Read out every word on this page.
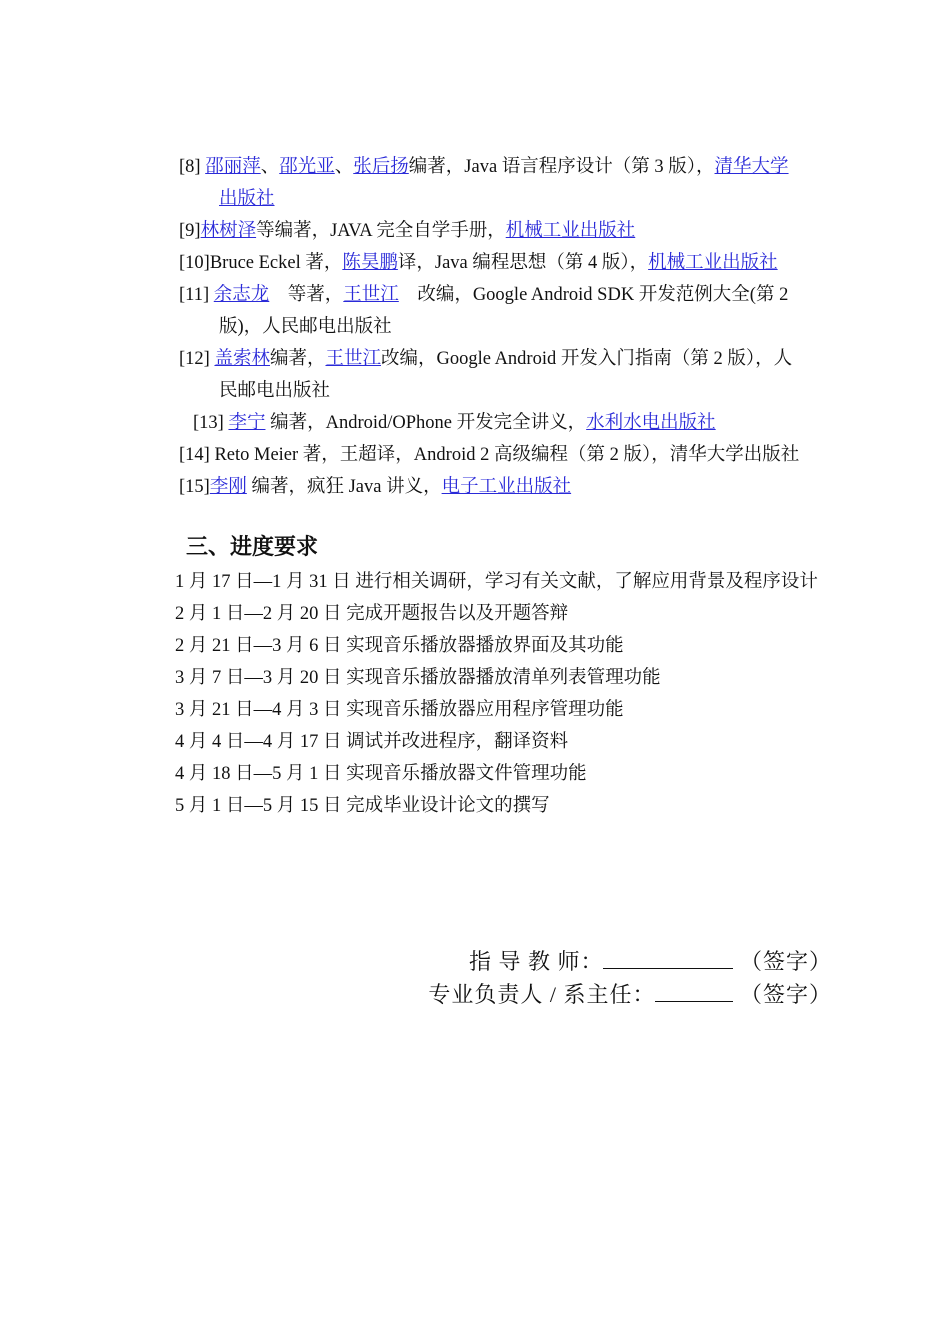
[8] 邵丽萍、邵光亚、张后扬编著，Java 语言程序设计（第 3 版），清华大学
出版社
[9]林树泽等编著，JAVA 完全自学手册，机械工业出版社
[10]Bruce Eckel 著，陈昊鹏译，Java 编程思想（第 4 版），机械工业出版社
[11] 余志龙　等著，王世江　改编，Google Android SDK 开发范例大全(第 2
版)，人民邮电出版社
[12] 盖索林编著，王世江改编，Google Android 开发入门指南（第 2 版），人
民邮电出版社
[13] 李宁 编著，Android/OPhone 开发完全讲义，水利水电出版社
[14] Reto Meier 著，王超译，Android 2 高级编程（第 2 版），清华大学出版社
[15]李刚 编著，疯狂 Java 讲义，电子工业出版社
三、进度要求
1 月 17 日—1 月 31 日 进行相关调研，学习有关文献，了解应用背景及程序设计
2 月 1 日—2 月 20 日 完成开题报告以及开题答辩
2 月 21 日—3 月 6 日 实现音乐播放器播放界面及其功能
3 月 7 日—3 月 20 日 实现音乐播放器播放清单列表管理功能
3 月 21 日—4 月 3 日 实现音乐播放器应用程序管理功能
4 月 4 日—4 月 17 日 调试并改进程序，翻译资料
4 月 18 日—5 月 1 日 实现音乐播放器文件管理功能
5 月 1 日—5 月 15 日 完成毕业设计论文的撰写
指 导 教 师：	（签字）
专业负责人 / 系主任：	（签字）
